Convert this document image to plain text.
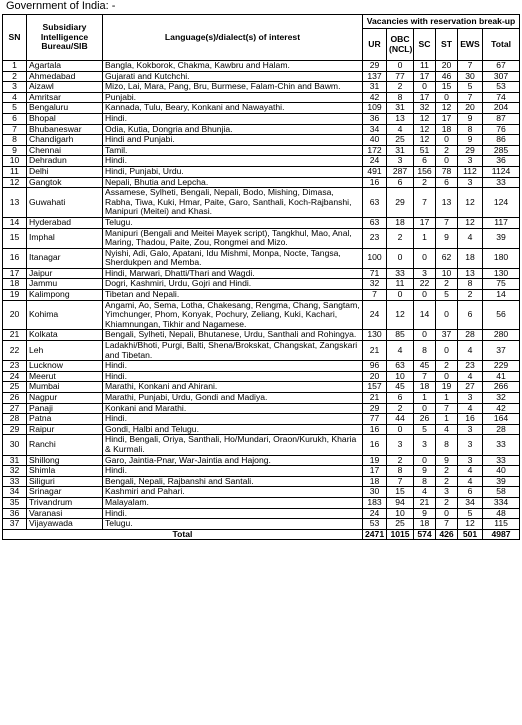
Government of India: -
SN	Subsidiary Intelligence Bureau/SIB	Language(s)/dialect(s) of interest	Vacancies with reservation break-up					
			UR	OBC (NCL)	SC	ST	EWS	Total
1	Agartala	Bangla, Kokborok, Chakma, Kawbru and Halam.	29	0	11	20	7	67
2	Ahmedabad	Gujarati and Kutchchi.	137	77	17	46	30	307
3	Aizawl	Mizo, Lai, Mara, Pang, Bru, Burmese, Falam-Chin and Bawm.	31	2	0	15	5	53
4	Amritsar	Punjabi.	42	8	17	0	7	74
5	Bengaluru	Kannada, Tulu, Beary, Konkani and Nawayathi.	109	31	32	12	20	204
6	Bhopal	Hindi.	36	13	12	17	9	87
7	Bhubaneswar	Odia, Kutia, Dongria and Bhunjia.	34	4	12	18	8	76
8	Chandigarh	Hindi and Punjabi.	40	25	12	0	9	86
9	Chennai	Tamil.	172	31	51	2	29	285
10	Dehradun	Hindi.	24	3	6	0	3	36
11	Delhi	Hindi, Punjabi, Urdu.	491	287	156	78	112	1124
12	Gangtok	Nepali, Bhutia and Lepcha.	16	6	2	6	3	33
13	Guwahati	Assamese, Sylheti, Bengali, Nepali, Bodo, Mishing, Dimasa, Rabha, Tiwa, Kuki, Hmar, Paite, Garo, Santhali, Koch-Rajbanshi, Manipuri (Meitei) and Khasi.	63	29	7	13	12	124
14	Hyderabad	Telugu.	63	18	17	7	12	117
15	Imphal	Manipuri (Bengali and Meitei Mayek script), Tangkhul, Mao, Anal, Maring, Thadou, Paite, Zou, Rongmei and Mizo.	23	2	1	9	4	39
16	Itanagar	Nyishi, Adi, Galo, Apatani, Idu Mishmi, Monpa, Nocte, Tangsa, Sherdukpen and Memba.	100	0	0	62	18	180
17	Jaipur	Hindi, Marwari, Dhatti/Thari and Wagdi.	71	33	3	10	13	130
18	Jammu	Dogri, Kashmiri, Urdu, Gojri and Hindi.	32	11	22	2	8	75
19	Kalimpong	Tibetan and Nepali.	7	0	0	5	2	14
20	Kohima	Angami, Ao, Sema, Lotha, Chakesang, Rengma, Chang, Sangtam, Yimchunger, Phom, Konyak, Pochury, Zeliang, Kuki, Kachari, Khiamnungan, Tikhir and Nagamese.	24	12	14	0	6	56
21	Kolkata	Bengali, Sylheti, Nepali, Bhutanese, Urdu, Santhali and Rohingya.	130	85	0	37	28	280
22	Leh	Ladakhi/Bhoti, Purgi, Balti, Shena/Brokskat, Changskat, Zangskari and Tibetan.	21	4	8	0	4	37
23	Lucknow	Hindi.	96	63	45	2	23	229
24	Meerut	Hindi.	20	10	7	0	4	41
25	Mumbai	Marathi, Konkani and Ahirani.	157	45	18	19	27	266
26	Nagpur	Marathi, Punjabi, Urdu, Gondi and Madiya.	21	6	1	1	3	32
27	Panaji	Konkani and Marathi.	29	2	0	7	4	42
28	Patna	Hindi.	77	44	26	1	16	164
29	Raipur	Gondi, Halbi and Telugu.	16	0	5	4	3	28
30	Ranchi	Hindi, Bengali, Oriya, Santhali, Ho/Mundari, Oraon/Kurukh, Kharia & Kurmali.	16	3	3	8	3	33
31	Shillong	Garo, Jaintia-Pnar, War-Jaintia and Hajong.	19	2	0	9	3	33
32	Shimla	Hindi.	17	8	9	2	4	40
33	Siliguri	Bengali, Nepali, Rajbanshi and Santali.	18	7	8	2	4	39
34	Srinagar	Kashmiri and Pahari.	30	15	4	3	6	58
35	Trivandrum	Malayalam.	183	94	21	2	34	334
36	Varanasi	Hindi.	24	10	9	0	5	48
37	Vijayawada	Telugu.	53	25	18	7	12	115
Total			2471	1015	574	426	501	4987
